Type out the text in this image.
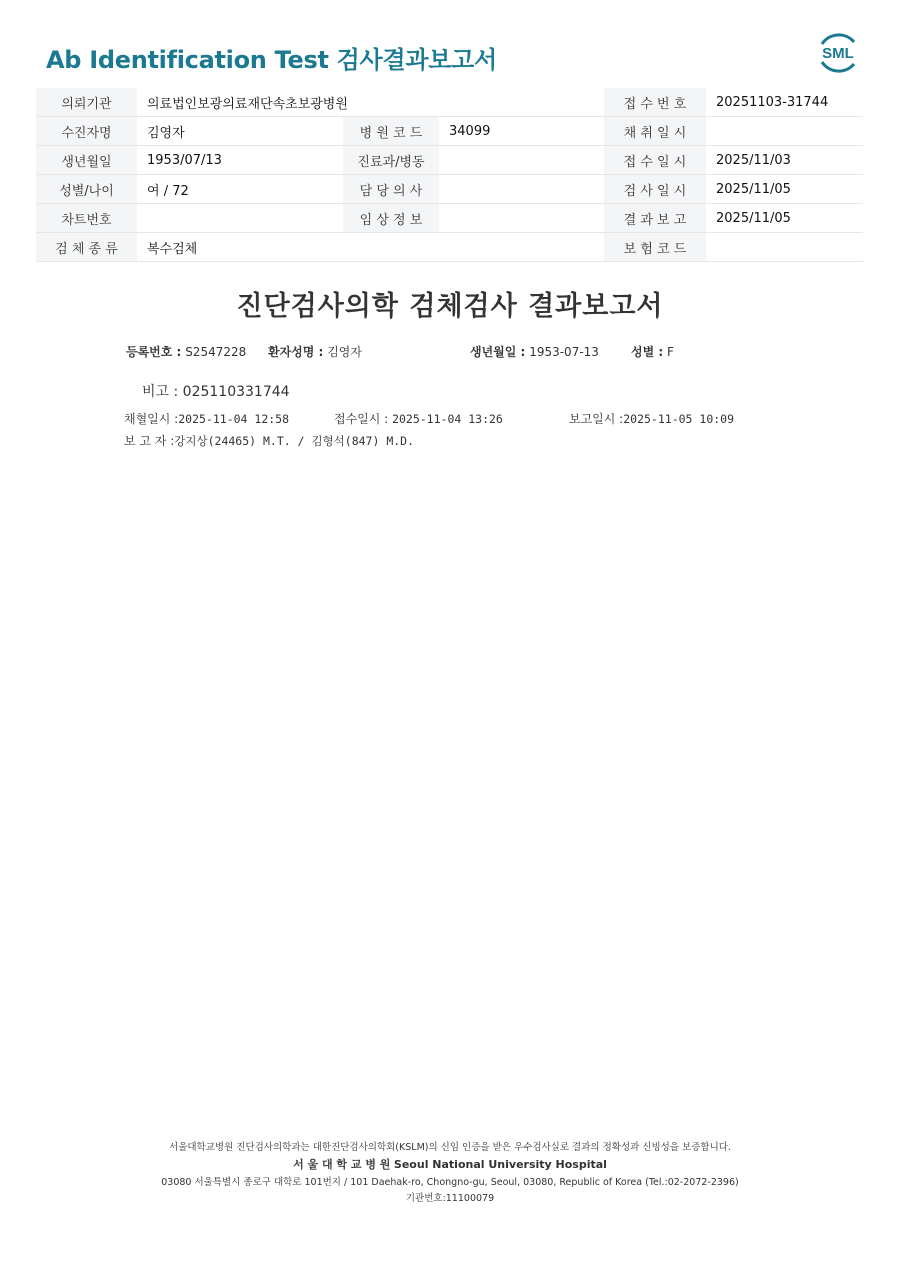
Ab Identification Test 검사결과보고서	SML
의뢰기관	의료법인보광의료재단속초보광병원			접 수 번 호	20251103-31744
수진자명	김영자	병 원 코 드	34099	채 취 일 시	
생년월일	1953/07/13	진료과/병동		접 수 일 시	2025/11/03
성별/나이	여 / 72	담 당 의 사		검 사 일 시	2025/11/05
차트번호		임 상 정 보		결 과 보 고	2025/11/05
검 체 종 류	복수검체			보 험 코 드	
진단검사의학 검체검사 결과보고서
등록번호 : S2547228 환자성명 : 김영자	생년월일 : 1953-07-13	성별 : F
비고 : 025110331744
채혈일시 :2025-11-04 12:58	접수일시 : 2025-11-04 13:26	보고일시 :2025-11-05 10:09
보 고 자 :강지상(24465) M.T. / 김형석(847) M.D.
서울대학교병원 진단검사의학과는 대한진단검사의학회(KSLM)의 신임 인증을 받은 우수검사실로 결과의 정확성과 신빙성을 보증합니다.
서 울 대 학 교 병 원 Seoul National University Hospital
03080 서울특별시 종로구 대학로 101번지 / 101 Daehak-ro, Chongno-gu, Seoul, 03080, Republic of Korea (Tel.:02-2072-2396)
기관번호:11100079
